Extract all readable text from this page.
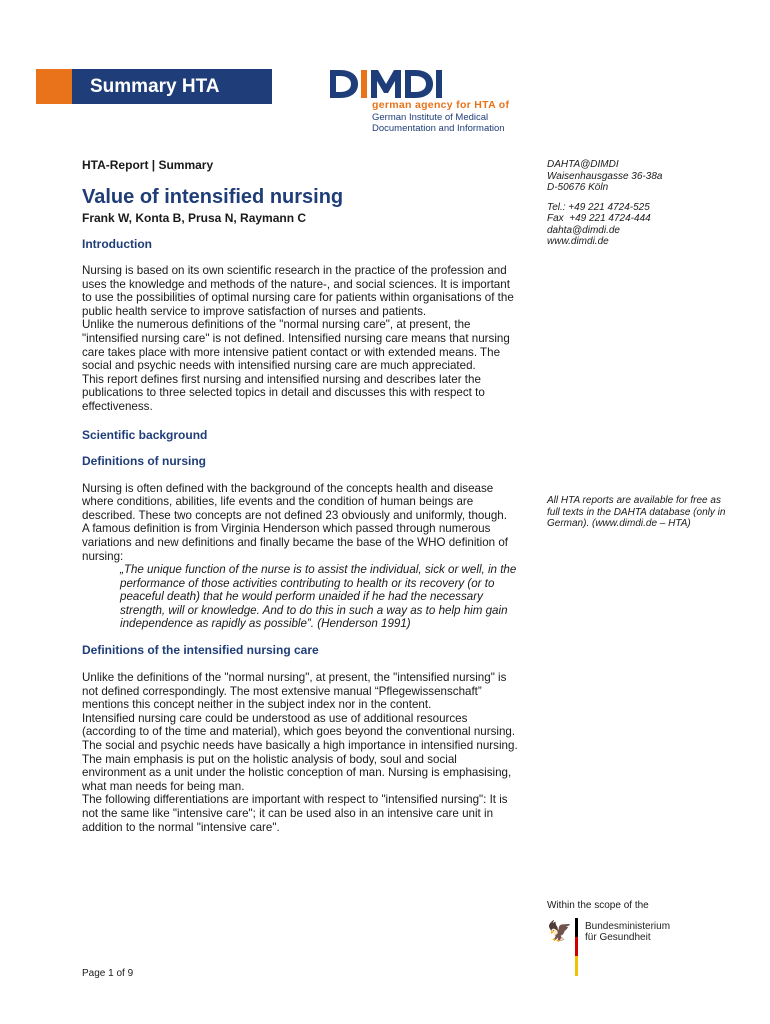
Summary HTA
german agency for HTA of
German Institute of Medical
Documentation and Information
HTA-Report | Summary
Value of intensified nursing
Frank W, Konta B, Prusa N, Raymann C
Introduction

Nursing is based on its own scientific research in the practice of the profession and uses the knowledge and methods of the nature-, and social sciences. It is important to use the possibilities of optimal nursing care for patients within organisations of the public health service to improve satisfaction of nurses and patients.

Unlike the numerous definitions of the "normal nursing care", at present, the "intensified nursing care" is not defined. Intensified nursing care means that nursing care takes place with more intensive patient contact or with extended means. The social and psychic needs with intensified nursing care are much appreciated.

This report defines first nursing and intensified nursing and describes later the publications to three selected topics in detail and discusses this with respect to effectiveness.

Scientific background
Definitions of nursing

Nursing is often defined with the background of the concepts health and disease where conditions, abilities, life events and the condition of human beings are described. These two concepts are not defined 23 obviously and uniformly, though.

A famous definition is from Virginia Henderson which passed through numerous variations and new definitions and finally became the base of the WHO definition of nursing:

„The unique function of the nurse is to assist the individual, sick or well, in the performance of those activities contributing to health or its recovery (or to peaceful death) that he would perform unaided if he had the necessary strength, will or knowledge. And to do this in such a way as to help him gain independence as rapidly as possible”. (Henderson 1991)

Definitions of the intensified nursing care

Unlike the definitions of the "normal nursing", at present, the "intensified nursing" is not defined correspondingly. The most extensive manual “Pflegewissenschaft” mentions this concept neither in the subject index nor in the content.

Intensified nursing care could be understood as use of additional resources (according to of the time and material), which goes beyond the conventional nursing.

The social and psychic needs have basically a high importance in intensified nursing. The main emphasis is put on the holistic analysis of body, soul and social environment as a unit under the holistic conception of man. Nursing is emphasising, what man needs for being man.

The following differentiations are important with respect to "intensified nursing": It is not the same like "intensive care"; it can be used also in an intensive care unit in addition to the normal "intensive care".

DAHTA@DIMDI

Waisenhausgasse 36-38a

D-50676 Köln

Tel.: +49 221 4724-525

Fax  +49 221 4724-444

dahta@dimdi.de

www.dimdi.de

All HTA reports are available for free as full texts in the DAHTA database (only in German). (www.dimdi.de – HTA)

Within the scope of the
🦅 Bundesministerium
für Gesundheit
Page 1 of 9
